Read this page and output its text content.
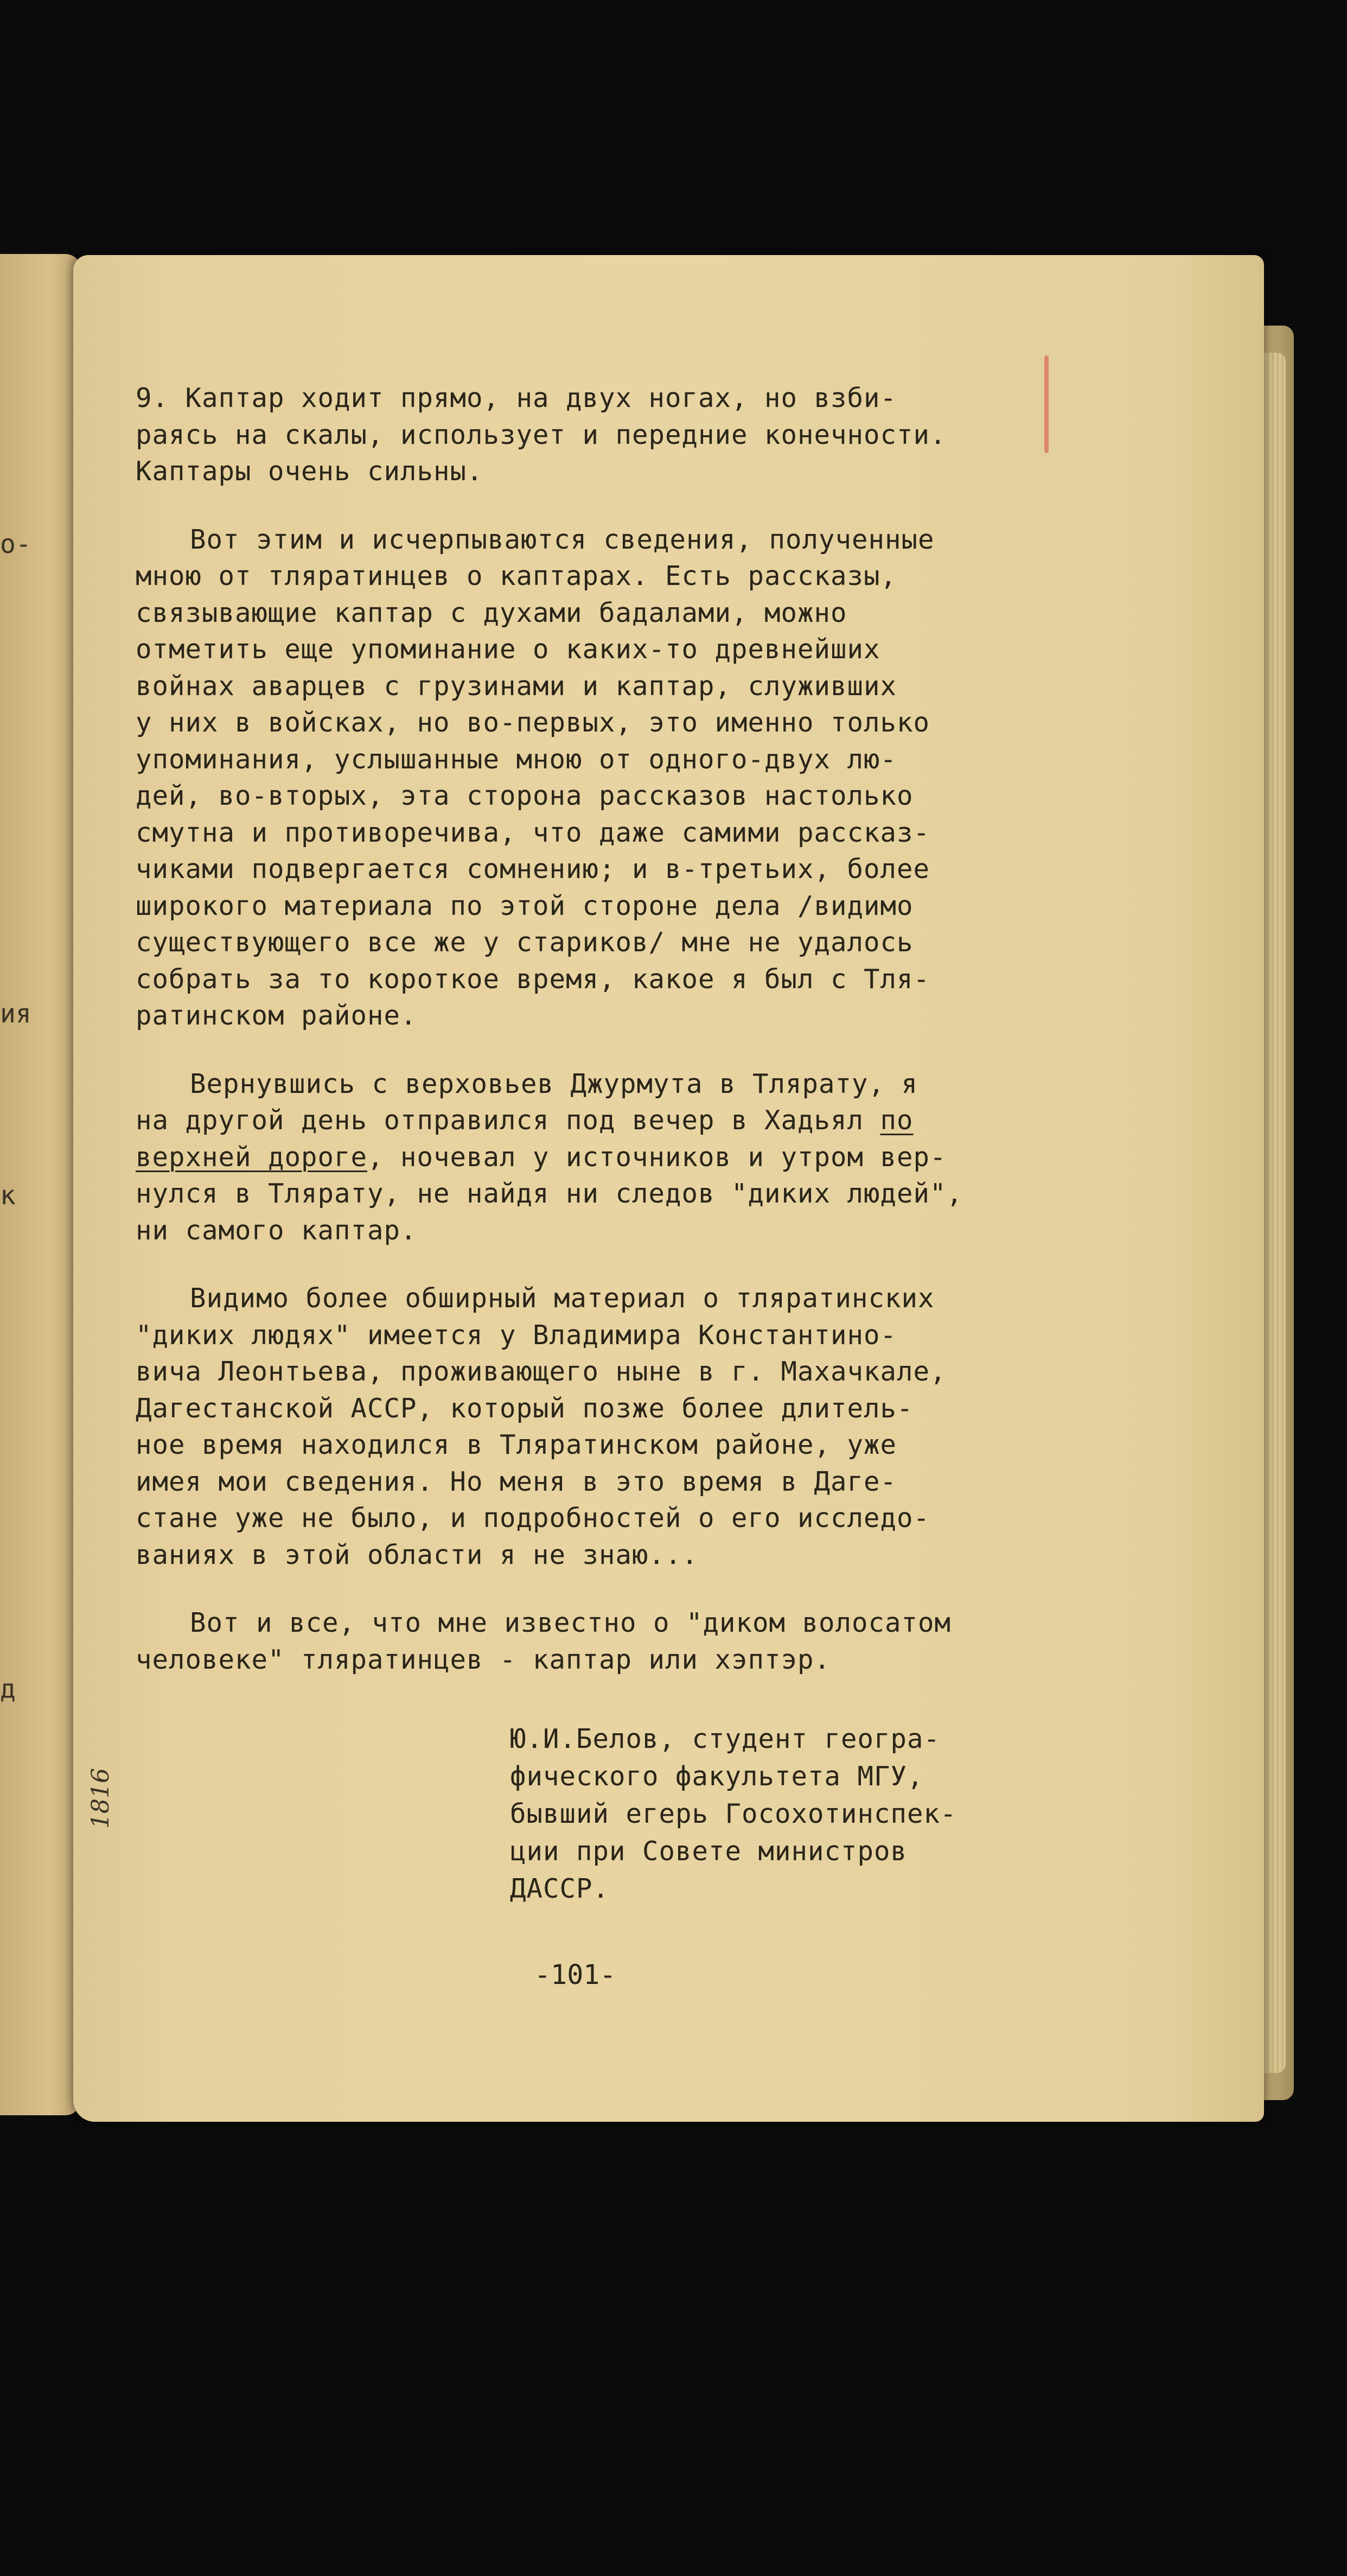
о-
ия
к
д
9. Каптар ходит прямо, на двух ногах, но взби-
раясь на скалы, использует и передние конечности.
Каптары очень сильны.
Вот этим и исчерпываются сведения, полученные
мною от тляратинцев о каптарах. Есть рассказы,
связывающие каптар с духами бадалами, можно
отметить еще упоминание о каких-то древнейших
войнах аварцев с грузинами и каптар, служивших
у них в войсках, но во-первых, это именно только
упоминания, услышанные мною от одного-двух лю-
дей, во-вторых, эта сторона рассказов настолько
смутна и противоречива, что даже самими рассказ-
чиками подвергается сомнению; и в-третьих, более
широкого материала по этой стороне дела /видимо
существующего все же у стариков/ мне не удалось
собрать за то короткое время, какое я был с Тля-
ратинском районе.
Вернувшись с верховьев Джурмута в Тлярату, я
на другой день отправился под вечер в Хадьял по
верхней дороге, ночевал у источников и утром вер-
нулся в Тлярату, не найдя ни следов "диких людей",
ни самого каптар.
Видимо более обширный материал о тляратинских
"диких людях" имеется у Владимира Константино-
вича Леонтьева, проживающего ныне в г. Махачкале,
Дагестанской АССР, который позже более длитель-
ное время находился в Тляратинском районе, уже
имея мои сведения. Но меня в это время в Даге-
стане уже не было, и подробностей о его исследо-
ваниях в этой области я не знаю...
Вот и все, что мне известно о "диком волосатом
человеке" тляратинцев - каптар или хэптэр.
Ю.И.Белов, студент геогра-
фического факультета МГУ,
бывший егерь Госохотинспек-
ции при Совете министров
ДАССР.
-101-
1816
